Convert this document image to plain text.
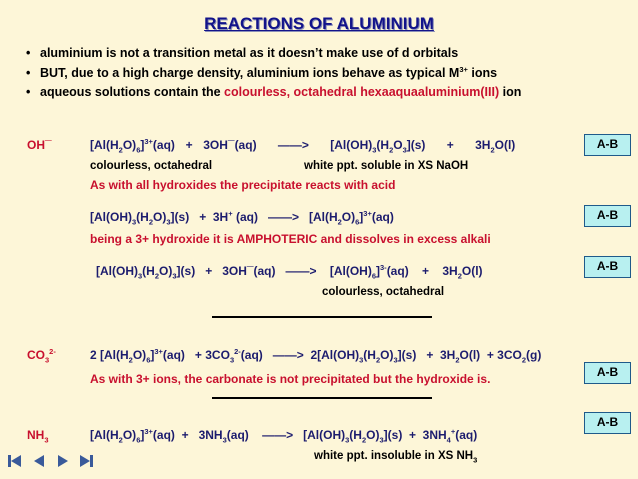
REACTIONS OF ALUMINIUM
• aluminium is not a transition metal as it doesn’t make use of d orbitals
• BUT, due to a high charge density, aluminium ions behave as typical $M^{3+}$ ions
• aqueous solutions contain the colourless, octahedral hexaaquaaluminium(III) ion
OH¯	$[Al(H_2O)_6]^{3+}(aq)$  +  3OH¯(aq)    ——>    [$Al(OH)_3(H_2O_3](s)$    +    $3H_2O(l)$
colourless, octahedral	white ppt. soluble in XS NaOH
As with all hydroxides the precipitate reacts with acid
$[Al(OH)_3(H_2O)_3](s) + 3H^+$ (aq)   ——>   $[Al(H_2O)_6]^{3+}(aq)$
being a 3+ hydroxide it is AMPHOTERIC and dissolves in excess alkali
$[Al(OH)_3(H_2O)_3](s)$   +   3OH¯(aq)   ——>    $[Al(OH)_6]^{3-}(aq)$    +    $3H_2O(l)$
colourless, octahedral
$CO_3^{2-}$	2 $[Al(H_2O)_6]^{3+}(aq) + 3CO_3^{2-}(aq)$   ——>  $2[Al(OH)_3(H_2O)_3](s) + 3H_2O(l) + 3CO_2(g)$
As with 3+ ions, the carbonate is not precipitated but the hydroxide is.
$NH_3$	$[Al(H_2O)_6]^{3+}(aq) + 3NH_3(aq)$    ——>   $[Al(OH)_3(H_2O)_3](s) + 3NH_4^+(aq)$
white ppt. insoluble in XS $NH_3$
A-B
A-B
A-B
A-B
A-B
